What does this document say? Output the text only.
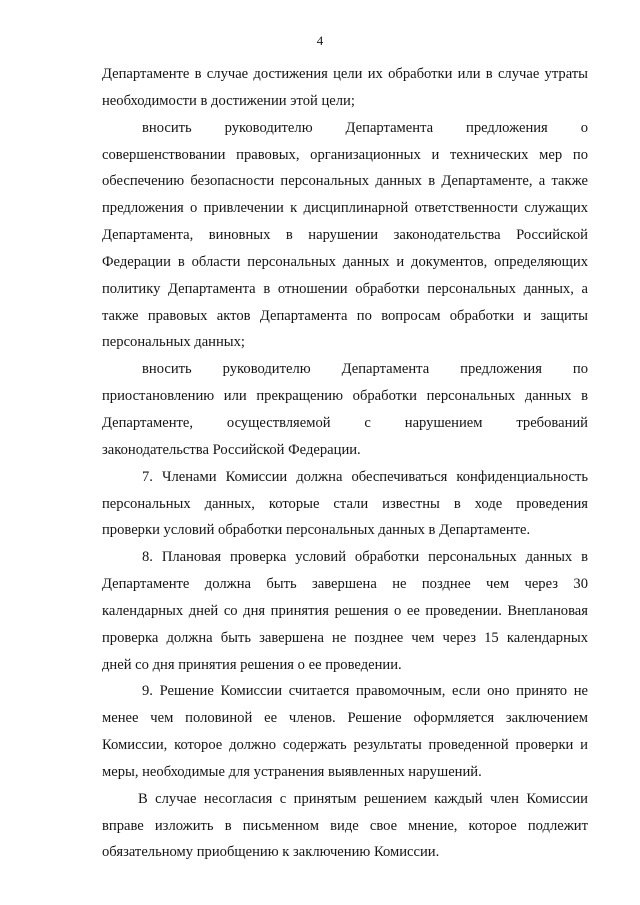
4
Департаменте в случае достижения цели их обработки или в случае утраты
необходимости в достижении этой цели;
вносить руководителю Департамента предложения о
совершенствовании правовых, организационных и технических мер по
обеспечению безопасности персональных данных в Департаменте, а также
предложения о привлечении к дисциплинарной ответственности служащих
Департамента, виновных в нарушении законодательства Российской
Федерации в области персональных данных и документов, определяющих
политику Департамента в отношении обработки персональных данных, а
также правовых актов Департамента по вопросам обработки и защиты
персональных данных;
вносить руководителю Департамента предложения по
приостановлению или прекращению обработки персональных данных в
Департаменте, осуществляемой с нарушением требований
законодательства Российской Федерации.
7. Членами Комиссии должна обеспечиваться конфиденциальность
персональных данных, которые стали известны в ходе проведения
проверки условий обработки персональных данных в Департаменте.
8. Плановая проверка условий обработки персональных данных в
Департаменте должна быть завершена не позднее чем через 30
календарных дней со дня принятия решения о ее проведении. Внеплановая
проверка должна быть завершена не позднее чем через 15 календарных
дней со дня принятия решения о ее проведении.
9. Решение Комиссии считается правомочным, если оно принято не
менее чем половиной ее членов. Решение оформляется заключением
Комиссии, которое должно содержать результаты проведенной проверки и
меры, необходимые для устранения выявленных нарушений.
В случае несогласия с принятым решением каждый член Комиссии
вправе изложить в письменном виде свое мнение, которое подлежит
обязательному приобщению к заключению Комиссии.
